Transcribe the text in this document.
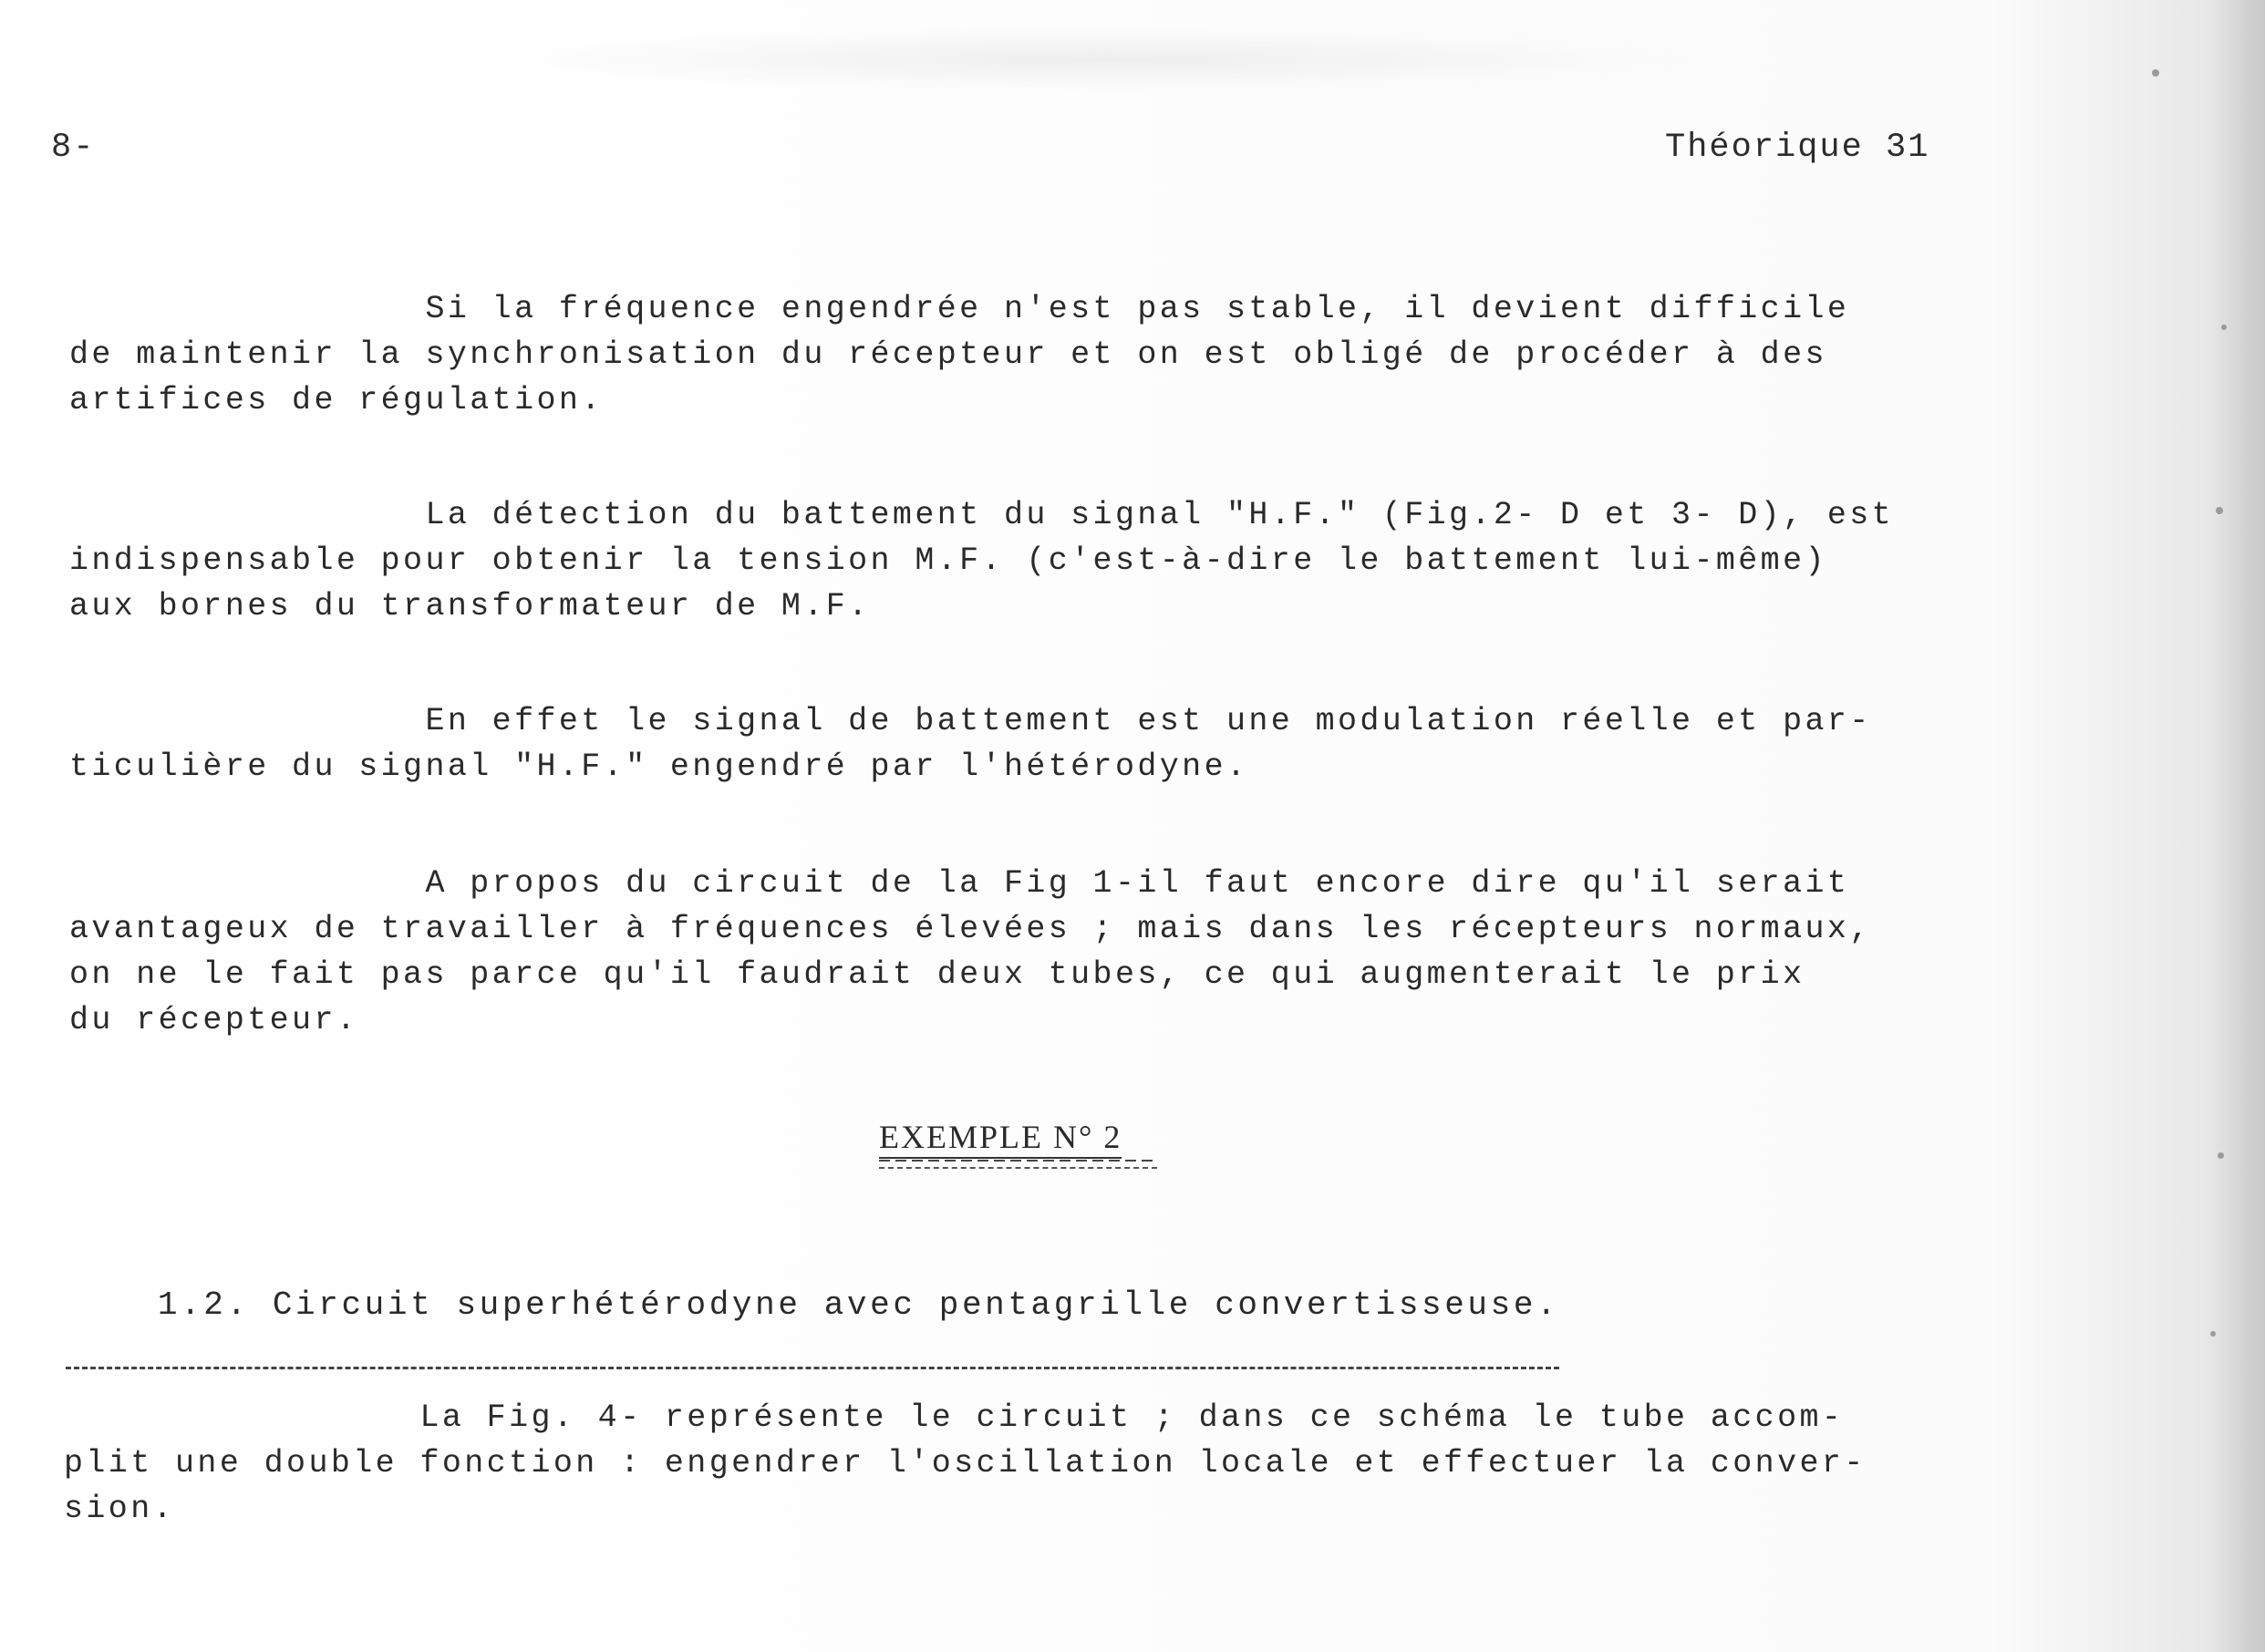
8-	Théorique 31
Si la fréquence engendrée n'est pas stable, il devient difficile
de maintenir la synchronisation du récepteur et on est obligé de procéder à des
artifices de régulation.
La détection du battement du signal "H.F." (Fig.2- D et 3- D), est
indispensable pour obtenir la tension M.F. (c'est-à-dire le battement lui-même)
aux bornes du transformateur de M.F.
En effet le signal de battement est une modulation réelle et par-
ticulière du signal "H.F." engendré par l'hétérodyne.
A propos du circuit de la Fig 1-il faut encore dire qu'il serait
avantageux de travailler à fréquences élevées ; mais dans les récepteurs normaux,
on ne le fait pas parce qu'il faudrait deux tubes, ce qui augmenterait le prix
du récepteur.
EXEMPLE N° 2

1.2. Circuit superhétérodyne avec pentagrille convertisseuse.

La Fig. 4- représente le circuit ; dans ce schéma le tube accom-
plit une double fonction : engendrer l'oscillation locale et effectuer la conver-
sion.
